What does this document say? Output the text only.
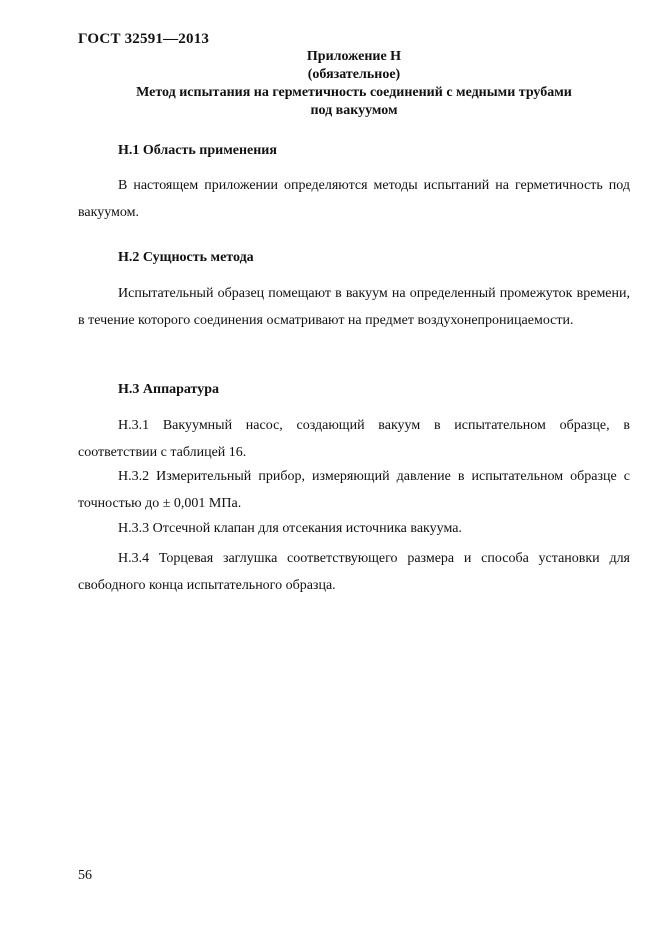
ГОСТ 32591—2013
Приложение Н
(обязательное)
Метод испытания на герметичность соединений с медными трубами
под вакуумом
Н.1 Область применения
В настоящем приложении определяются методы испытаний на герметичность под вакуумом.
Н.2 Сущность метода
Испытательный образец помещают в вакуум на определенный промежуток времени, в течение которого соединения осматривают на предмет воздухонепроницаемости.
Н.3 Аппаратура
Н.3.1 Вакуумный насос, создающий вакуум в испытательном образце, в соответствии с таблицей 16.
Н.3.2 Измерительный прибор, измеряющий давление в испытательном образце с точностью до ± 0,001 МПа.
Н.3.3 Отсечной клапан для отсекания источника вакуума.
Н.3.4 Торцевая заглушка соответствующего размера и способа установки для свободного конца испытательного образца.
56
